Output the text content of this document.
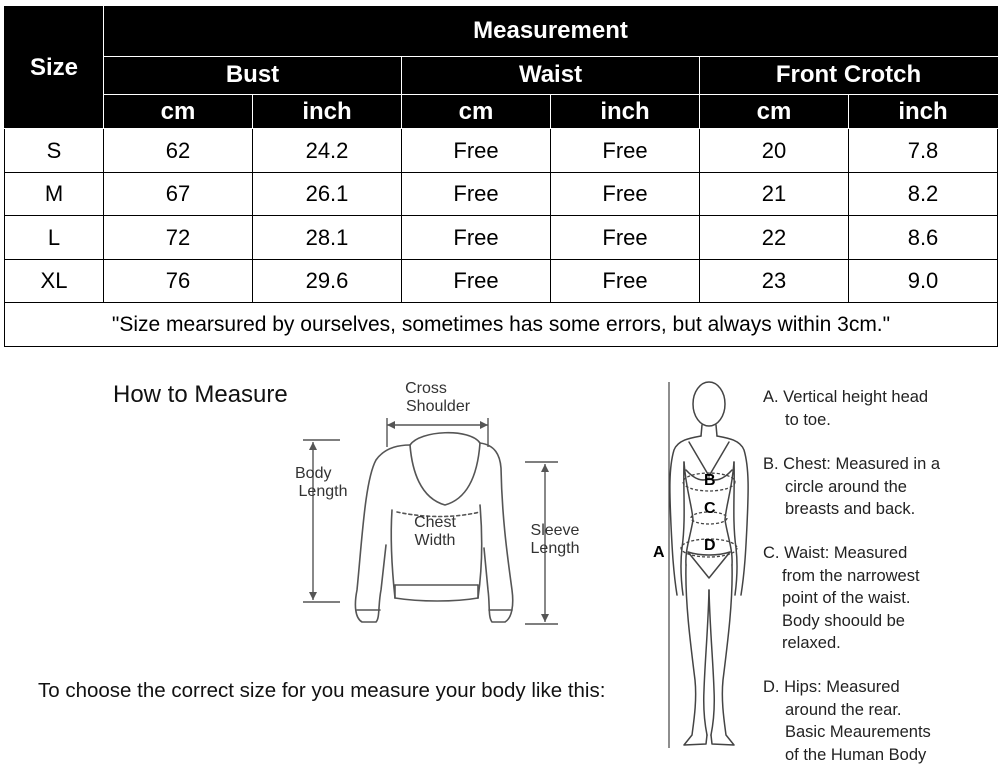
Size	Measurement					
	Bust		Waist		Front Crotch	
	cm	inch	cm	inch	cm	inch
S	62	24.2	Free	Free	20	7.8
M	67	26.1	Free	Free	21	8.2
L	72	28.1	Free	Free	22	8.6
XL	76	29.6	Free	Free	23	9.0
"Size mearsured by ourselves, sometimes has some errors, but always within 3cm."						
How to Measure
To choose the correct size for you measure your body like this:
Cross
Shoulder
Body
Length
Chest
Width
Sleeve
Length	A
B
C
D
A. Vertical height head
to toe.
B. Chest: Measured in a
circle around the
breasts and back.
C. Waist: Measured
from the narrowest
point of the waist.
Body shoould be
relaxed.
D. Hips: Measured
around the rear.
Basic Meaurements
of the Human Body
